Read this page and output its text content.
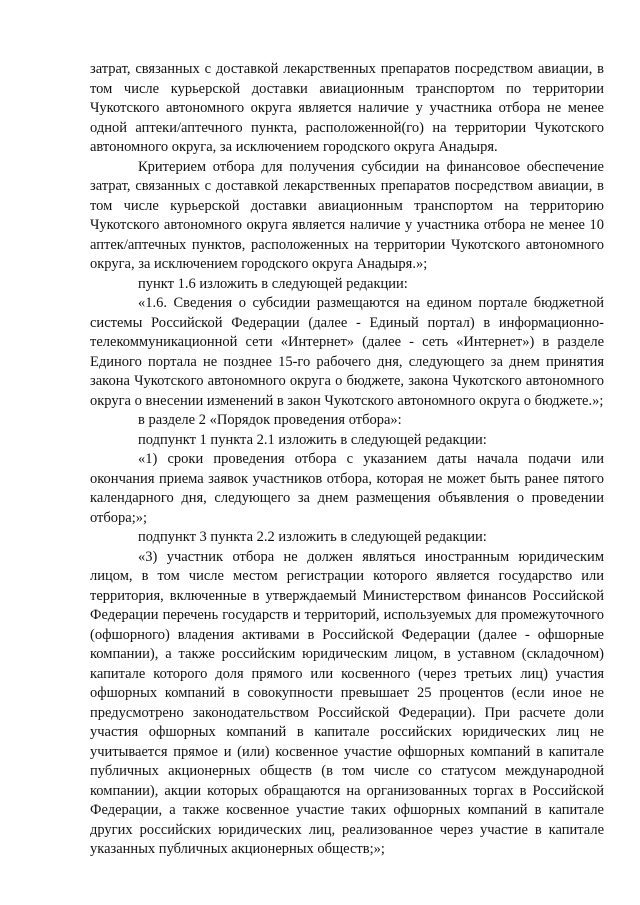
затрат, связанных с доставкой лекарственных препаратов посредством авиации, в том числе курьерской доставки авиационным транспортом по территории Чукотского автономного округа является наличие у участника отбора не менее одной аптеки/аптечного пункта, расположенной(го) на территории Чукотского автономного округа, за исключением городского округа Анадыря.

Критерием отбора для получения субсидии на финансовое обеспечение затрат, связанных с доставкой лекарственных препаратов посредством авиации, в том числе курьерской доставки авиационным транспортом на территорию Чукотского автономного округа является наличие у участника отбора не менее 10 аптек/аптечных пунктов, расположенных на территории Чукотского автономного округа, за исключением городского округа Анадыря.»;

пункт 1.6 изложить в следующей редакции:

«1.6. Сведения о субсидии размещаются на едином портале бюджетной системы Российской Федерации (далее - Единый портал) в информационно-телекоммуникационной сети «Интернет» (далее - сеть «Интернет») в разделе Единого портала не позднее 15-го рабочего дня, следующего за днем принятия закона Чукотского автономного округа о бюджете, закона Чукотского автономного округа о внесении изменений в закон Чукотского автономного округа о бюджете.»;

в разделе 2 «Порядок проведения отбора»:

подпункт 1 пункта 2.1 изложить в следующей редакции:

«1) сроки проведения отбора с указанием даты начала подачи или окончания приема заявок участников отбора, которая не может быть ранее пятого календарного дня, следующего за днем размещения объявления о проведении отбора;»;

подпункт 3 пункта 2.2 изложить в следующей редакции:

«3) участник отбора не должен являться иностранным юридическим лицом, в том числе местом регистрации которого является государство или территория, включенные в утверждаемый Министерством финансов Российской Федерации перечень государств и территорий, используемых для промежуточного (офшорного) владения активами в Российской Федерации (далее - офшорные компании), а также российским юридическим лицом, в уставном (складочном) капитале которого доля прямого или косвенного (через третьих лиц) участия офшорных компаний в совокупности превышает 25 процентов (если иное не предусмотрено законодательством Российской Федерации). При расчете доли участия офшорных компаний в капитале российских юридических лиц не учитывается прямое и (или) косвенное участие офшорных компаний в капитале публичных акционерных обществ (в том числе со статусом международной компании), акции которых обращаются на организованных торгах в Российской Федерации, а также косвенное участие таких офшорных компаний в капитале других российских юридических лиц, реализованное через участие в капитале указанных публичных акционерных обществ;»;
